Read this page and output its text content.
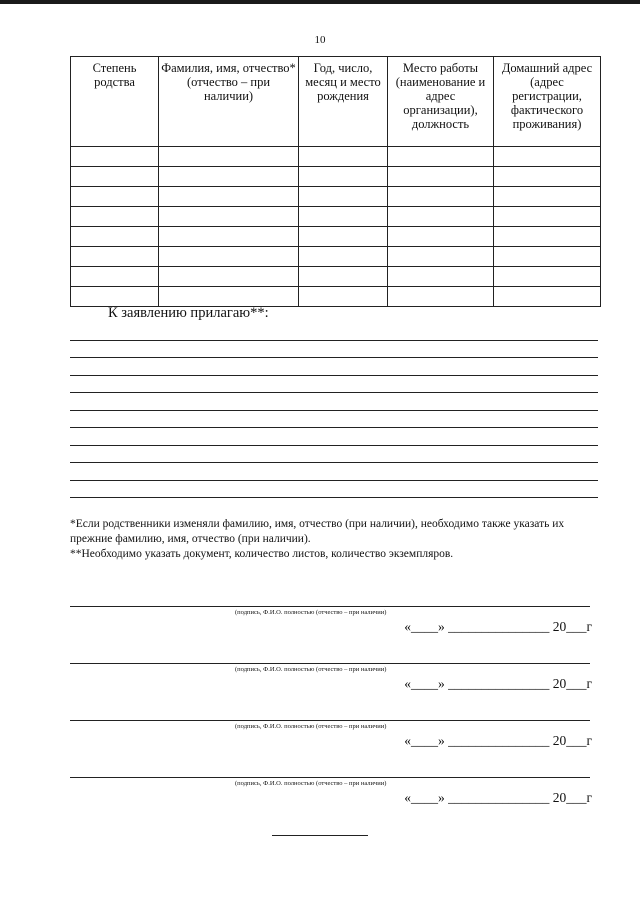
10
Степень родства	Фамилия, имя, отчество* (отчество – при наличии)	Год, число, месяц и место рождения	Место работы (наименование и адрес организации), должность	Домашний адрес (адрес регистрации, фактического проживания)

К заявлению прилагаю**:

*Если родственники изменяли фамилию, имя, отчество (при наличии), необходимо также указать их прежние фамилию, имя, отчество (при наличии).

**Необходимо указать документ, количество листов, количество экземпляров.

(подпись, Ф.И.О. полностью (отчество – при наличии)
«____» _______________ 20___г
(подпись, Ф.И.О. полностью (отчество – при наличии)
«____» _______________ 20___г
(подпись, Ф.И.О. полностью (отчество – при наличии)
«____» _______________ 20___г
(подпись, Ф.И.О. полностью (отчество – при наличии)
«____» _______________ 20___г
